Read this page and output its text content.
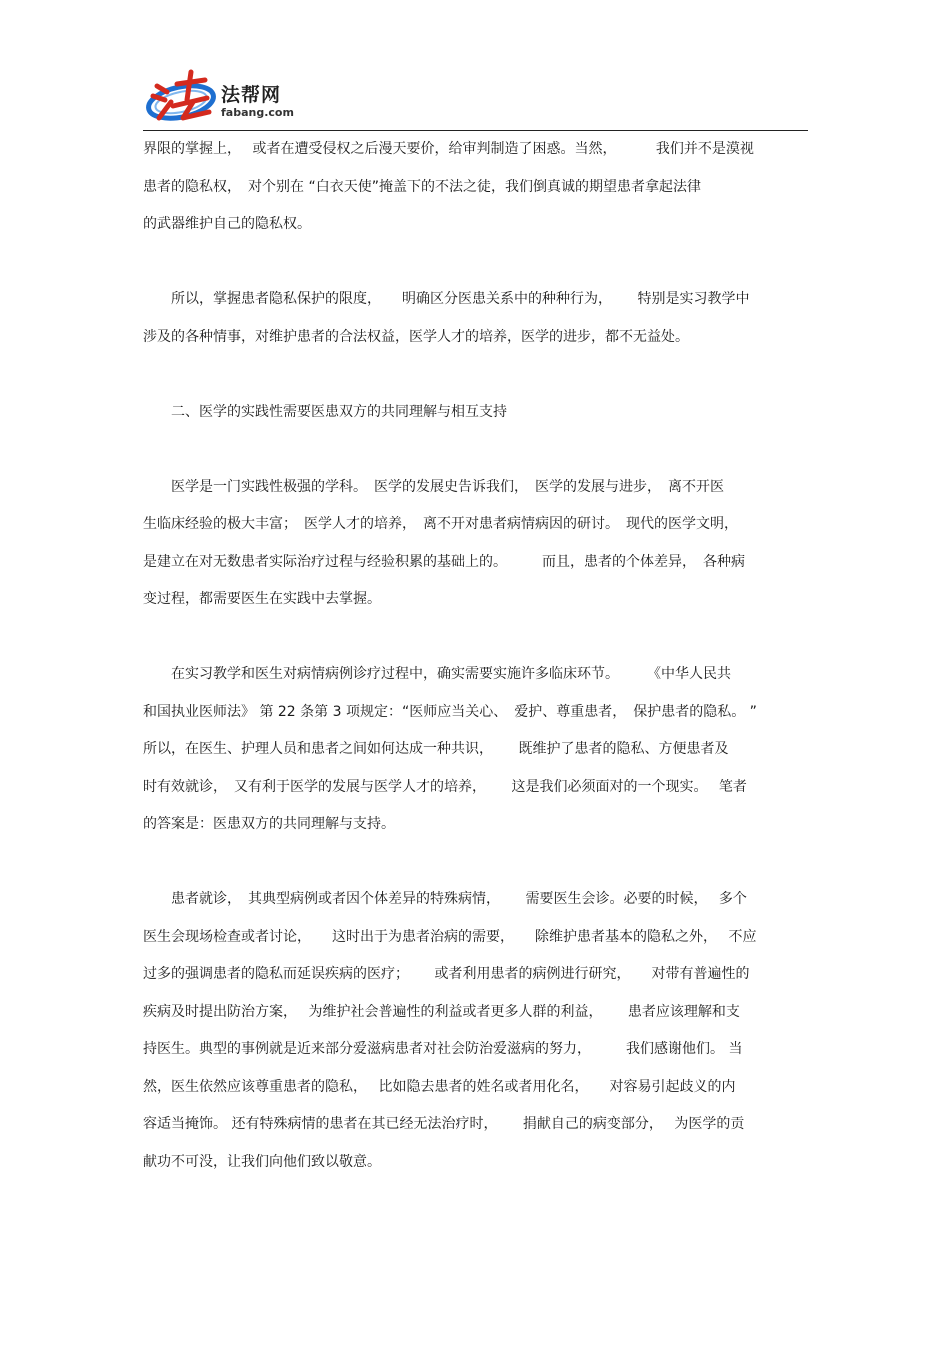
法帮网
fabang.com

界限的掌握上，　 或者在遭受侵权之后漫天要价，给审判制造了困惑。当然，　　　 我们并不是漠视
患者的隐私权，　对个别在 “白衣天使”掩盖下的不法之徒，我们倒真诚的期望患者拿起法律
的武器维护自己的隐私权。

　　所以，掌握患者隐私保护的限度，　　明确区分医患关系中的种种行为，　　 特别是实习教学中
涉及的各种情事，对维护患者的合法权益，医学人才的培养，医学的进步，都不无益处。

　　二、医学的实践性需要医患双方的共同理解与相互支持

　　医学是一门实践性极强的学科。　医学的发展史告诉我们，　医学的发展与进步，　离不开医
生临床经验的极大丰富；　医学人才的培养，　离不开对患者病情病因的研讨。　现代的医学文明，
是建立在对无数患者实际治疗过程与经验积累的基础上的。　　　而且，患者的个体差异，　各种病
变过程，都需要医生在实践中去掌握。

　　在实习教学和医生对病情病例诊疗过程中，确实需要实施许多临床环节。　　　《中华人民共
和国执业医师法》 第 22 条第 3 项规定：“医师应当关心、　爱护、尊重患者，　保护患者的隐私。 ”
所以，在医生、护理人员和患者之间如何达成一种共识，　　 既维护了患者的隐私、方便患者及
时有效就诊，　又有利于医学的发展与医学人才的培养，　　 这是我们必须面对的一个现实。　 笔者
的答案是：医患双方的共同理解与支持。

　　患者就诊，　其典型病例或者因个体差异的特殊病情，　　 需要医生会诊。必要的时候，　 多个
医生会现场检查或者讨论，　　这时出于为患者治病的需要，　　除维护患者基本的隐私之外，　 不应
过多的强调患者的隐私而延误疾病的医疗；　　 或者利用患者的病例进行研究，　　对带有普遍性的
疾病及时提出防治方案，　 为维护社会普遍性的利益或者更多人群的利益，　　 患者应该理解和支
持医生。典型的事例就是近来部分爱滋病患者对社会防治爱滋病的努力，　　　我们感谢他们。 当
然，医生依然应该尊重患者的隐私，　 比如隐去患者的姓名或者用化名，　　对容易引起歧义的内
容适当掩饰。 还有特殊病情的患者在其已经无法治疗时，　　 捐献自己的病变部分，　 为医学的贡
献功不可没，让我们向他们致以敬意。
